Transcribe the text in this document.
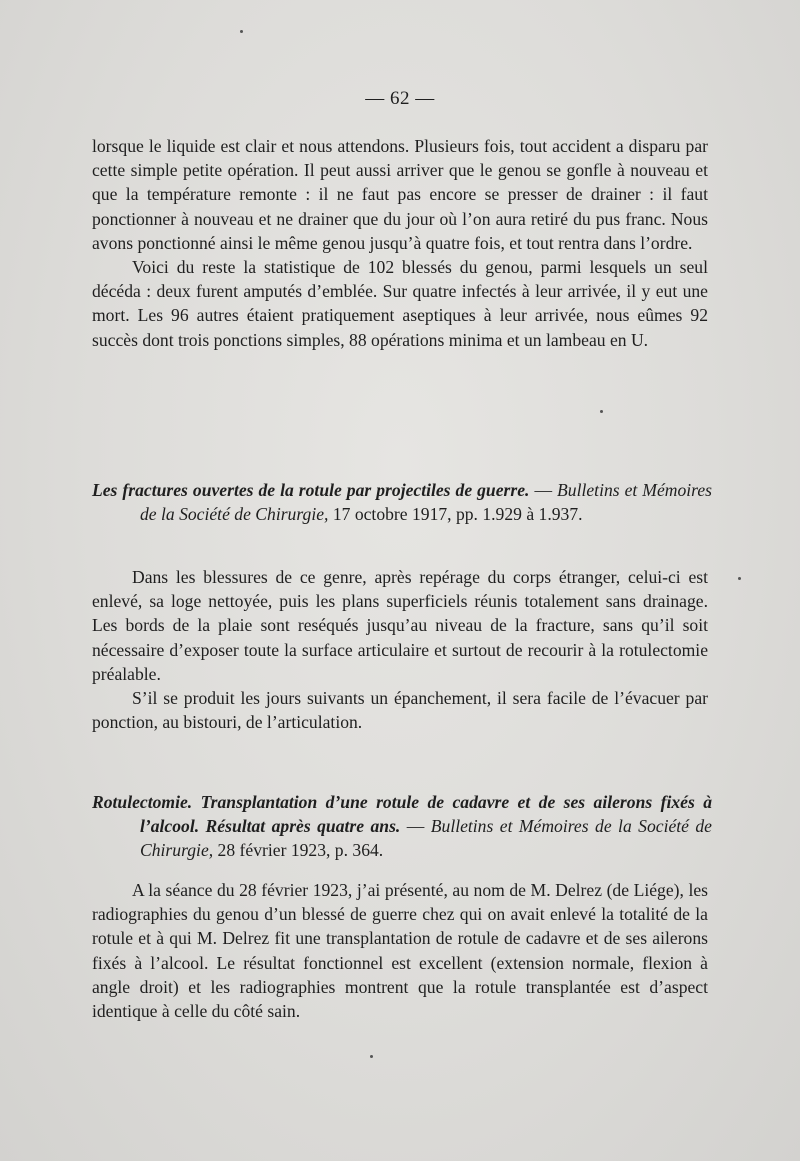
— 62 —

lorsque le liquide est clair et nous attendons. Plusieurs fois, tout accident a disparu par cette simple petite opération. Il peut aussi arriver que le genou se gonfle à nouveau et que la température remonte : il ne faut pas encore se presser de drainer : il faut ponctionner à nouveau et ne drainer que du jour où l’on aura retiré du pus franc. Nous avons ponctionné ainsi le même genou jusqu’à quatre fois, et tout rentra dans l’ordre.

Voici du reste la statistique de 102 blessés du genou, parmi lesquels un seul décéda : deux furent amputés d’emblée. Sur quatre infectés à leur arrivée, il y eut une mort. Les 96 autres étaient pratiquement aseptiques à leur arrivée, nous eûmes 92 succès dont trois ponctions simples, 88 opérations minima et un lambeau en U.

Les fractures ouvertes de la rotule par projectiles de guerre. — Bulletins et Mémoires de la Société de Chirurgie, 17 octobre 1917, pp. 1.929 à 1.937.

Dans les blessures de ce genre, après repérage du corps étranger, celui-ci est enlevé, sa loge nettoyée, puis les plans superficiels réunis totalement sans drainage. Les bords de la plaie sont reséqués jusqu’au niveau de la fracture, sans qu’il soit nécessaire d’exposer toute la surface articulaire et surtout de recourir à la rotulectomie préalable.

S’il se produit les jours suivants un épanchement, il sera facile de l’évacuer par ponction, au bistouri, de l’articulation.

Rotulectomie. Transplantation d’une rotule de cadavre et de ses ailerons fixés à l’alcool. Résultat après quatre ans. — Bulletins et Mémoires de la Société de Chirurgie, 28 février 1923, p. 364.

A la séance du 28 février 1923, j’ai présenté, au nom de M. Delrez (de Liége), les radiographies du genou d’un blessé de guerre chez qui on avait enlevé la totalité de la rotule et à qui M. Delrez fit une transplantation de rotule de cadavre et de ses ailerons fixés à l’alcool. Le résultat fonctionnel est excellent (extension normale, flexion à angle droit) et les radiographies montrent que la rotule transplantée est d’aspect identique à celle du côté sain.
